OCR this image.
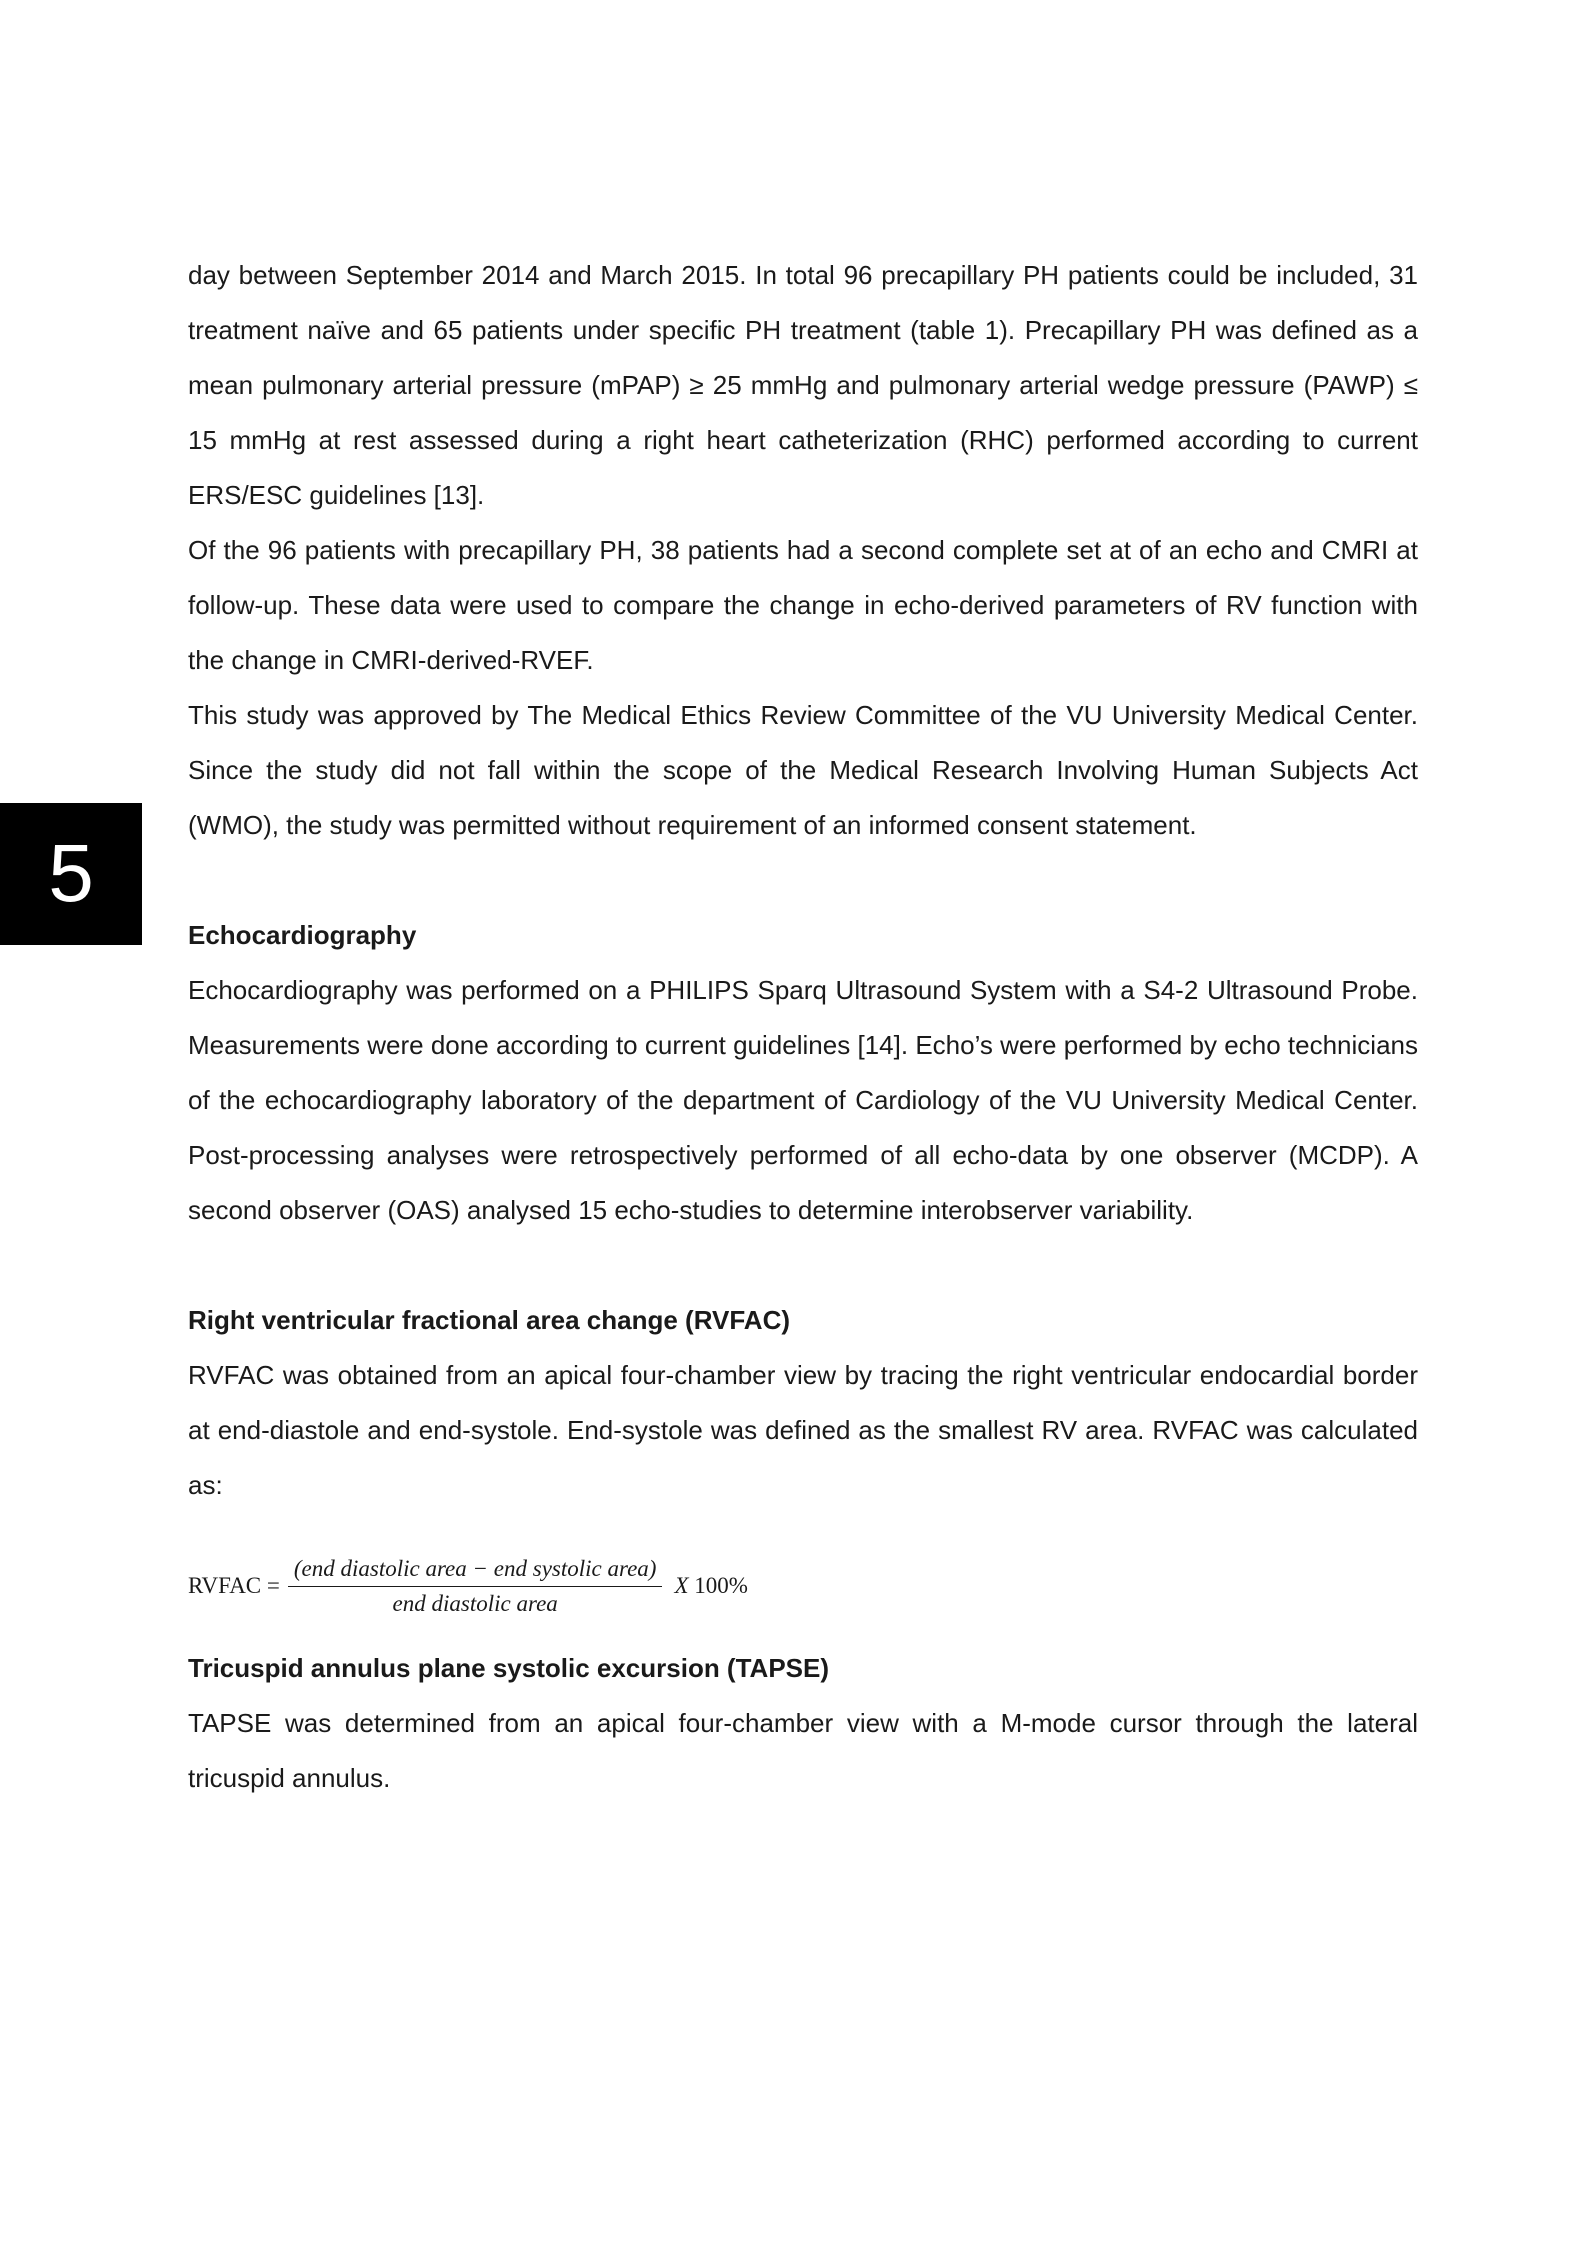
5

day between September 2014 and March 2015. In total 96 precapillary PH patients could be included, 31 treatment naïve and 65 patients under specific PH treatment (table 1). Precapillary PH was defined as a mean pulmonary arterial pressure (mPAP) ≥ 25 mmHg and pulmonary arterial wedge pressure (PAWP) ≤ 15 mmHg at rest assessed during a right heart catheterization (RHC) performed according to current ERS/ESC guidelines [13].

Of the 96 patients with precapillary PH, 38 patients had a second complete set at of an echo and CMRI at follow-up. These data were used to compare the change in echo-derived parameters of RV function with the change in CMRI-derived-RVEF.

This study was approved by The Medical Ethics Review Committee of the VU University Medical Center. Since the study did not fall within the scope of the Medical Research Involving Human Subjects Act (WMO), the study was permitted without requirement of an informed consent statement.

Echocardiography

Echocardiography was performed on a PHILIPS Sparq Ultrasound System with a S4-2 Ultrasound Probe. Measurements were done according to current guidelines [14]. Echo’s were performed by echo technicians of the echocardiography laboratory of the department of Cardiology of the VU University Medical Center. Post-processing analyses were retrospectively performed of all echo-data by one observer (MCDP). A second observer (OAS) analysed 15 echo-studies to determine interobserver variability.

Right ventricular fractional area change (RVFAC)

RVFAC was obtained from an apical four-chamber view by tracing the right ventricular endocardial border at end-diastole and end-systole. End-systole was defined as the smallest RV area. RVFAC was calculated as:

RVFAC = $\frac{\text{(end diastolic area − end systolic area)}}{\text{end diastolic area}}$ X 100%

Tricuspid annulus plane systolic excursion (TAPSE)

TAPSE was determined from an apical four-chamber view with a M-mode cursor through the lateral tricuspid annulus.
